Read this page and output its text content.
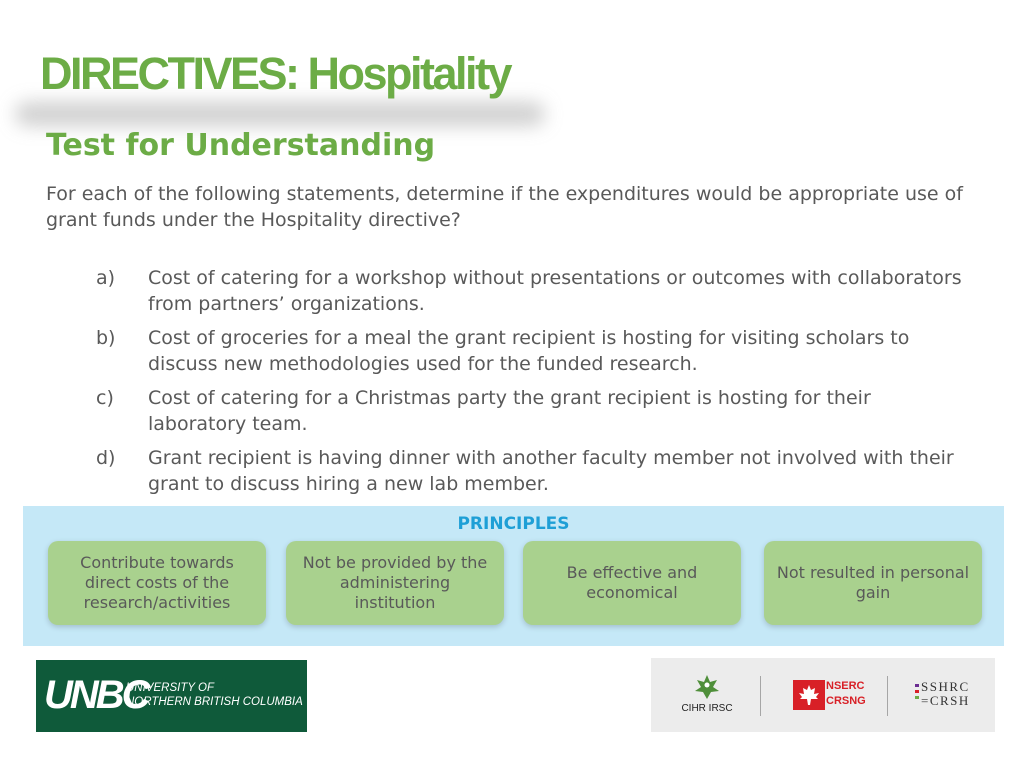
DIRECTIVES: Hospitality
Test for Understanding

For each of the following statements, determine if the expenditures would be appropriate use of grant funds under the Hospitality directive?

a)	Cost of catering for a workshop without presentations or outcomes with collaborators from partners’ organizations.
b)	Cost of groceries for a meal the grant recipient is hosting for visiting scholars to discuss new methodologies used for the funded research.
c)	Cost of catering for a Christmas party the grant recipient is hosting for their laboratory team.
d)	Grant recipient is having dinner with another faculty member not involved with their grant to discuss hiring a new lab member.
PRINCIPLES
Contribute towards direct costs of the research/activities
Not be provided by the administering institution
Be effective and economical
Not resulted in personal gain
UNBC
UNIVERSITY OF
NORTHERN BRITISH COLUMBIA
CIHR IRSC
NSERC
CRSNG
SSHRC
=CRSH
